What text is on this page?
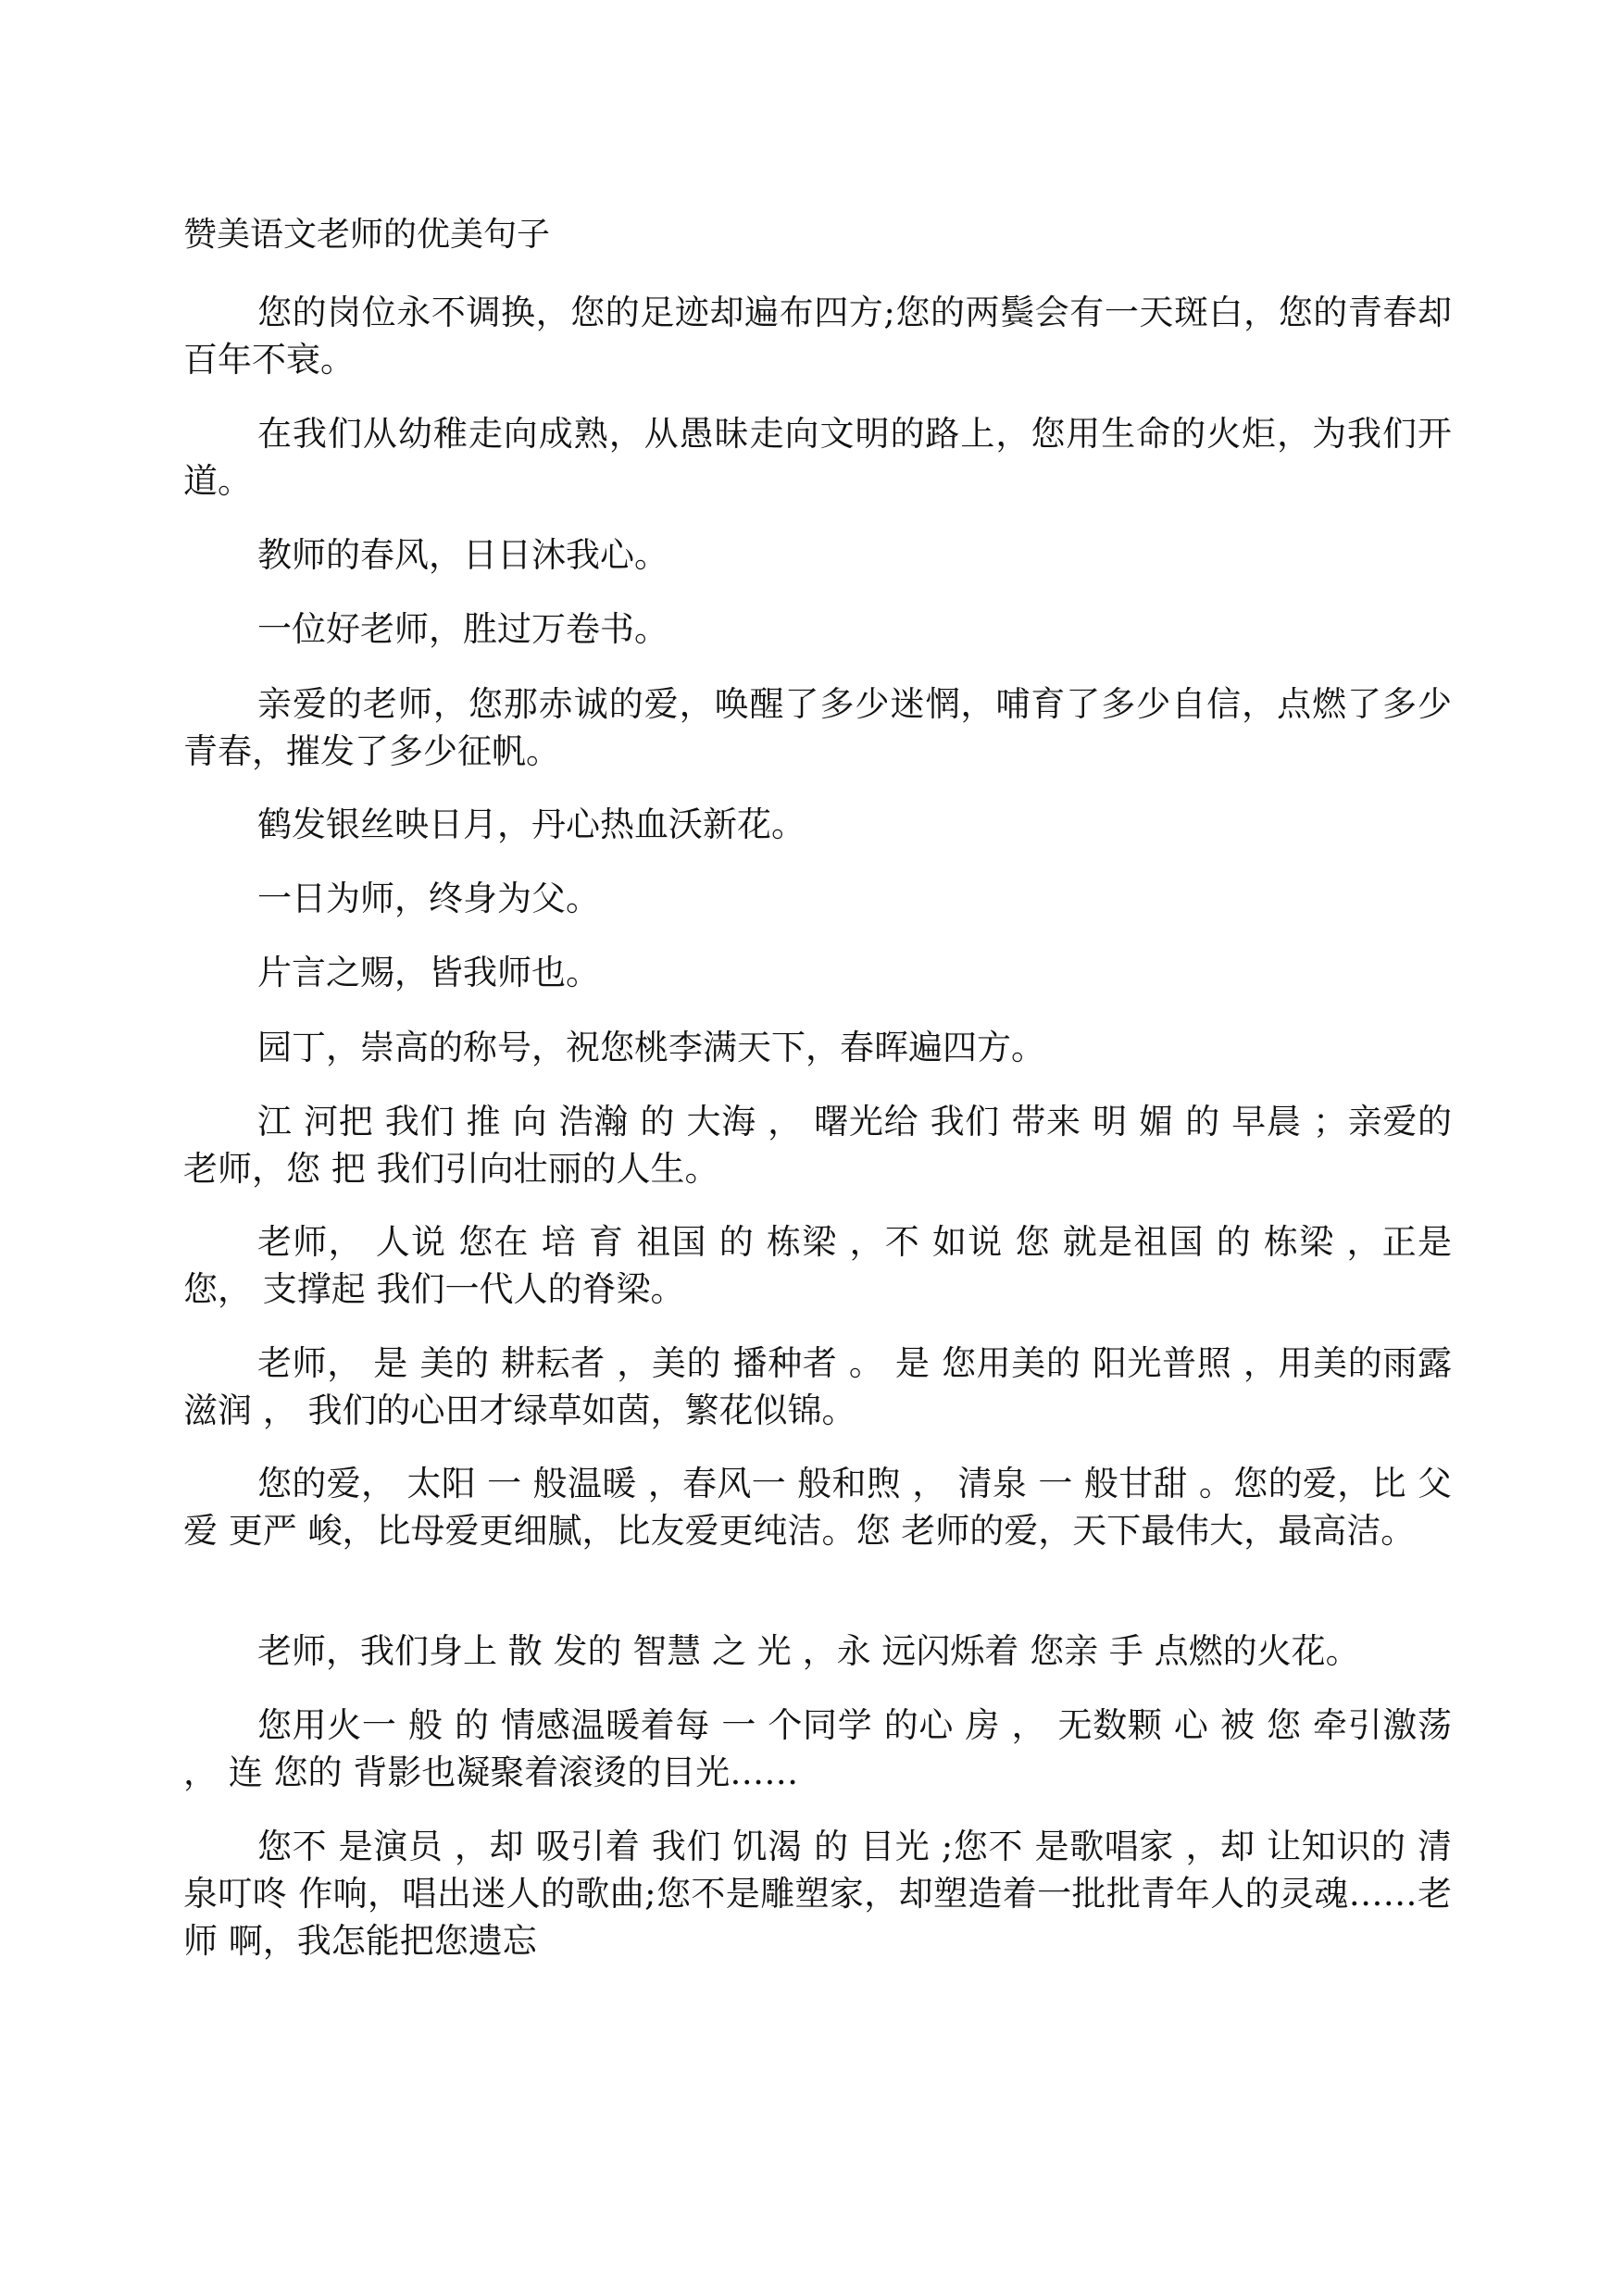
赞美语文老师的优美句子

您的岗位永不调换，您的足迹却遍布四方;您的两鬓会有一天斑白，您的青春却百年不衰。

在我们从幼稚走向成熟，从愚昧走向文明的路上，您用生命的火炬，为我们开道。

教师的春风，日日沐我心。

一位好老师，胜过万卷书。

亲爱的老师，您那赤诚的爱，唤醒了多少迷惘，哺育了多少自信，点燃了多少青春，摧发了多少征帆。

鹤发银丝映日月，丹心热血沃新花。

一日为师，终身为父。

片言之赐，皆我师也。

园丁，崇高的称号，祝您桃李满天下，春晖遍四方。

江 河把 我们 推 向 浩瀚 的 大海 ， 曙光给 我们 带来 明 媚 的 早晨 ；亲爱的老师，您 把 我们引向壮丽的人生。

老师， 人说 您在 培 育 祖国 的 栋梁 ，不 如说 您 就是祖国 的 栋梁 ，正是 您， 支撑起 我们一代人的脊梁。

老师， 是 美的 耕耘者 ，美的 播种者 。 是 您用美的 阳光普照 ，用美的雨露滋润 ， 我们的心田才绿草如茵，繁花似锦。

您的爱， 太阳 一 般温暖 ，春风一 般和煦 ， 清泉 一 般甘甜 。您的爱，比 父爱 更严 峻，比母爱更细腻，比友爱更纯洁。您 老师的爱，天下最伟大，最高洁。

老师，我们身上 散 发的 智慧 之 光 ，永 远闪烁着 您亲 手 点燃的火花。

您用火一 般 的 情感温暖着每 一 个同学 的心 房 ， 无数颗 心 被 您 牵引激荡 ， 连 您的 背影也凝聚着滚烫的目光……

您不 是演员 ，却 吸引着 我们 饥渴 的 目光 ;您不 是歌唱家 ，却 让知识的 清泉叮咚 作响，唱出迷人的歌曲;您不是雕塑家，却塑造着一批批青年人的灵魂……老师 啊，我怎能把您遗忘
